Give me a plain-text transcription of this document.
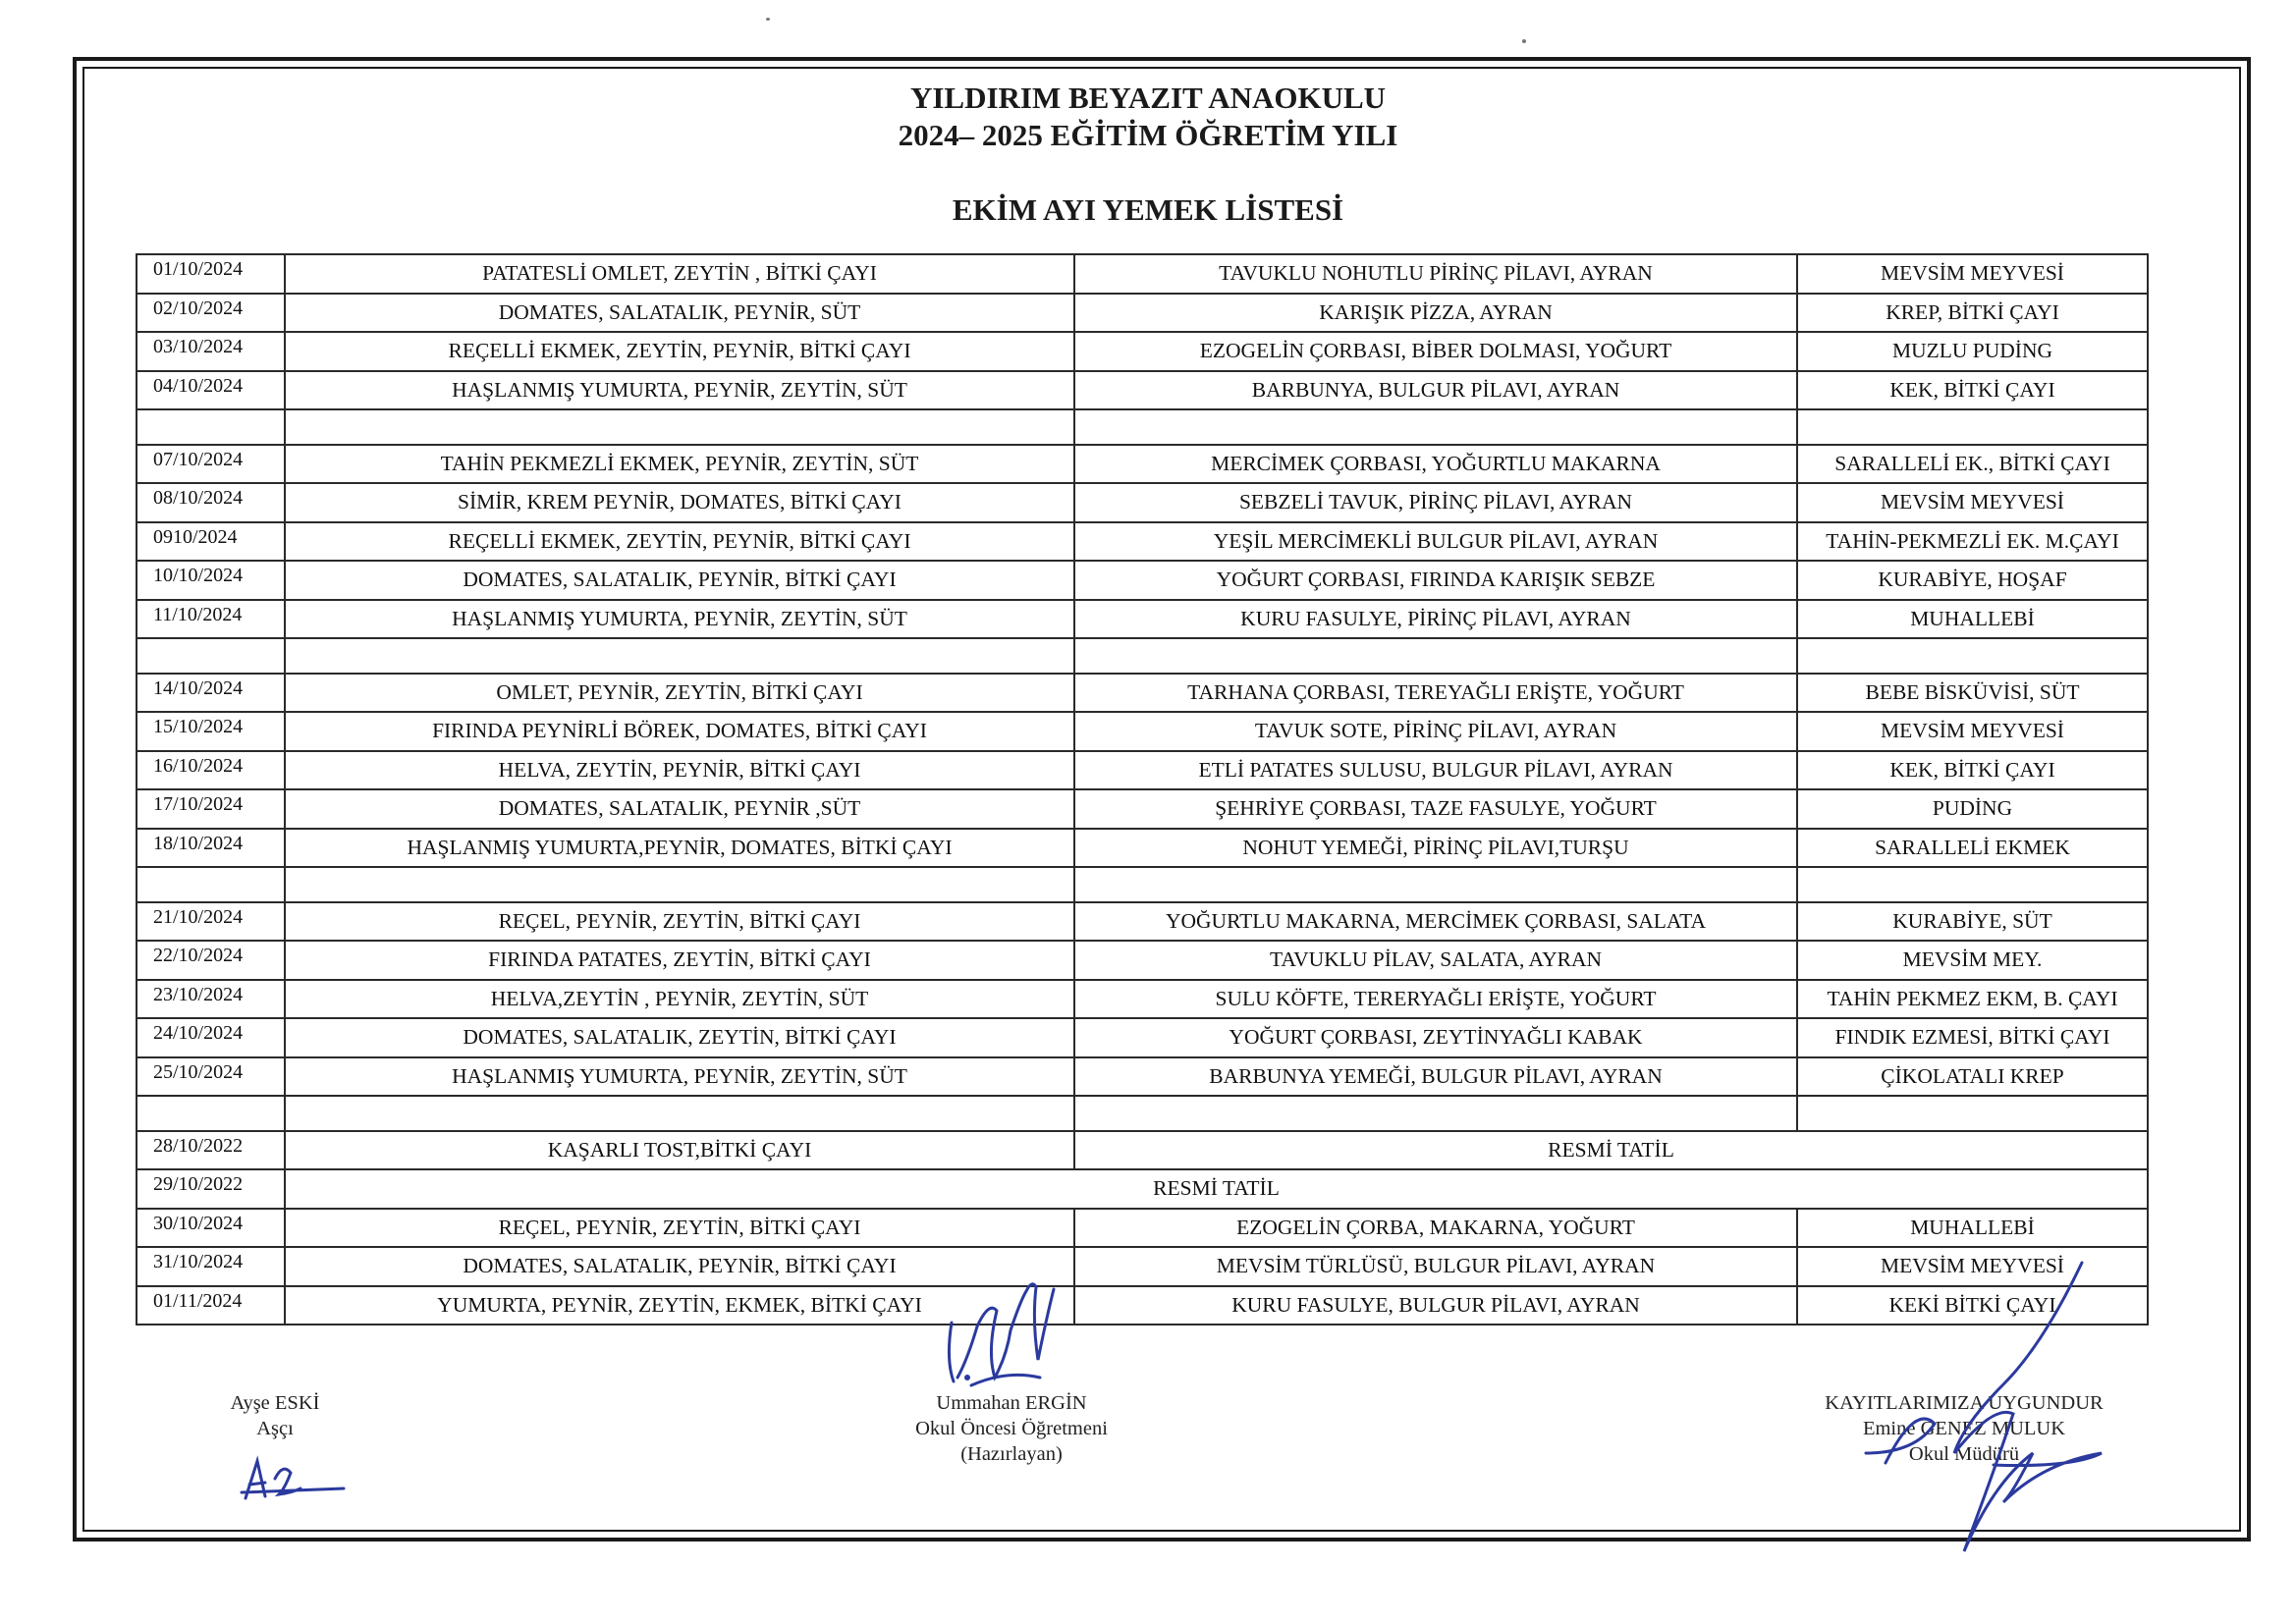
YILDIRIM BEYAZIT ANAOKULU
2024– 2025 EĞİTİM ÖĞRETİM YILI
EKİM AYI YEMEK LİSTESİ
01/10/2024	PATATESLİ OMLET, ZEYTİN , BİTKİ ÇAYI	TAVUKLU NOHUTLU PİRİNÇ PİLAVI, AYRAN	MEVSİM MEYVESİ
02/10/2024	DOMATES, SALATALIK, PEYNİR, SÜT	KARIŞIK PİZZA, AYRAN	KREP, BİTKİ ÇAYI
03/10/2024	REÇELLİ EKMEK, ZEYTİN, PEYNİR, BİTKİ ÇAYI	EZOGELİN ÇORBASI, BİBER DOLMASI, YOĞURT	MUZLU PUDİNG
04/10/2024	HAŞLANMIŞ YUMURTA, PEYNİR, ZEYTİN, SÜT	BARBUNYA, BULGUR PİLAVI, AYRAN	KEK, BİTKİ ÇAYI

07/10/2024	TAHİN PEKMEZLİ EKMEK, PEYNİR, ZEYTİN, SÜT	MERCİMEK ÇORBASI, YOĞURTLU MAKARNA	SARALLELİ EK., BİTKİ ÇAYI
08/10/2024	SİMİR, KREM PEYNİR, DOMATES, BİTKİ ÇAYI	SEBZELİ TAVUK, PİRİNÇ PİLAVI, AYRAN	MEVSİM MEYVESİ
0910/2024	REÇELLİ EKMEK, ZEYTİN, PEYNİR, BİTKİ ÇAYI	YEŞİL MERCİMEKLİ BULGUR PİLAVI, AYRAN	TAHİN-PEKMEZLİ EK. M.ÇAYI
10/10/2024	DOMATES, SALATALIK, PEYNİR, BİTKİ ÇAYI	YOĞURT ÇORBASI, FIRINDA KARIŞIK SEBZE	KURABİYE, HOŞAF
11/10/2024	HAŞLANMIŞ YUMURTA, PEYNİR, ZEYTİN, SÜT	KURU FASULYE, PİRİNÇ PİLAVI, AYRAN	MUHALLEBİ

14/10/2024	OMLET, PEYNİR, ZEYTİN, BİTKİ ÇAYI	TARHANA ÇORBASI, TEREYAĞLI ERİŞTE, YOĞURT	BEBE BİSKÜVİSİ, SÜT
15/10/2024	FIRINDA PEYNİRLİ BÖREK, DOMATES, BİTKİ ÇAYI	TAVUK SOTE, PİRİNÇ PİLAVI, AYRAN	MEVSİM MEYVESİ
16/10/2024	HELVA, ZEYTİN, PEYNİR, BİTKİ ÇAYI	ETLİ PATATES SULUSU, BULGUR PİLAVI, AYRAN	KEK, BİTKİ ÇAYI
17/10/2024	DOMATES, SALATALIK, PEYNİR ,SÜT	ŞEHRİYE ÇORBASI, TAZE FASULYE, YOĞURT	PUDİNG
18/10/2024	HAŞLANMIŞ YUMURTA,PEYNİR, DOMATES, BİTKİ ÇAYI	NOHUT YEMEĞİ, PİRİNÇ PİLAVI,TURŞU	SARALLELİ EKMEK

21/10/2024	REÇEL, PEYNİR, ZEYTİN, BİTKİ ÇAYI	YOĞURTLU MAKARNA, MERCİMEK ÇORBASI, SALATA	KURABİYE, SÜT
22/10/2024	FIRINDA PATATES, ZEYTİN, BİTKİ ÇAYI	TAVUKLU PİLAV, SALATA, AYRAN	MEVSİM MEY.
23/10/2024	HELVA,ZEYTİN , PEYNİR, ZEYTİN, SÜT	SULU KÖFTE, TERERYAĞLI ERİŞTE, YOĞURT	TAHİN PEKMEZ EKM, B. ÇAYI
24/10/2024	DOMATES, SALATALIK, ZEYTİN, BİTKİ ÇAYI	YOĞURT ÇORBASI, ZEYTİNYAĞLI KABAK	FINDIK EZMESİ, BİTKİ ÇAYI
25/10/2024	HAŞLANMIŞ YUMURTA, PEYNİR, ZEYTİN, SÜT	BARBUNYA YEMEĞİ, BULGUR PİLAVI, AYRAN	ÇİKOLATALI KREP

28/10/2022	KAŞARLI TOST,BİTKİ ÇAYI	RESMİ TATİL	
29/10/2022	RESMİ TATİL		
30/10/2024	REÇEL, PEYNİR, ZEYTİN, BİTKİ ÇAYI	EZOGELİN ÇORBA, MAKARNA, YOĞURT	MUHALLEBİ
31/10/2024	DOMATES, SALATALIK, PEYNİR, BİTKİ ÇAYI	MEVSİM TÜRLÜSÜ, BULGUR PİLAVI, AYRAN	MEVSİM MEYVESİ
01/11/2024	YUMURTA, PEYNİR, ZEYTİN, EKMEK, BİTKİ ÇAYI	KURU FASULYE, BULGUR PİLAVI, AYRAN	KEKİ BİTKİ ÇAYI
Ayşe ESKİ
Aşçı
Ummahan ERGİN
Okul Öncesi Öğretmeni
(Hazırlayan)
KAYITLARIMIZA UYGUNDUR
Emine GENEZ MULUK
Okul Müdürü
